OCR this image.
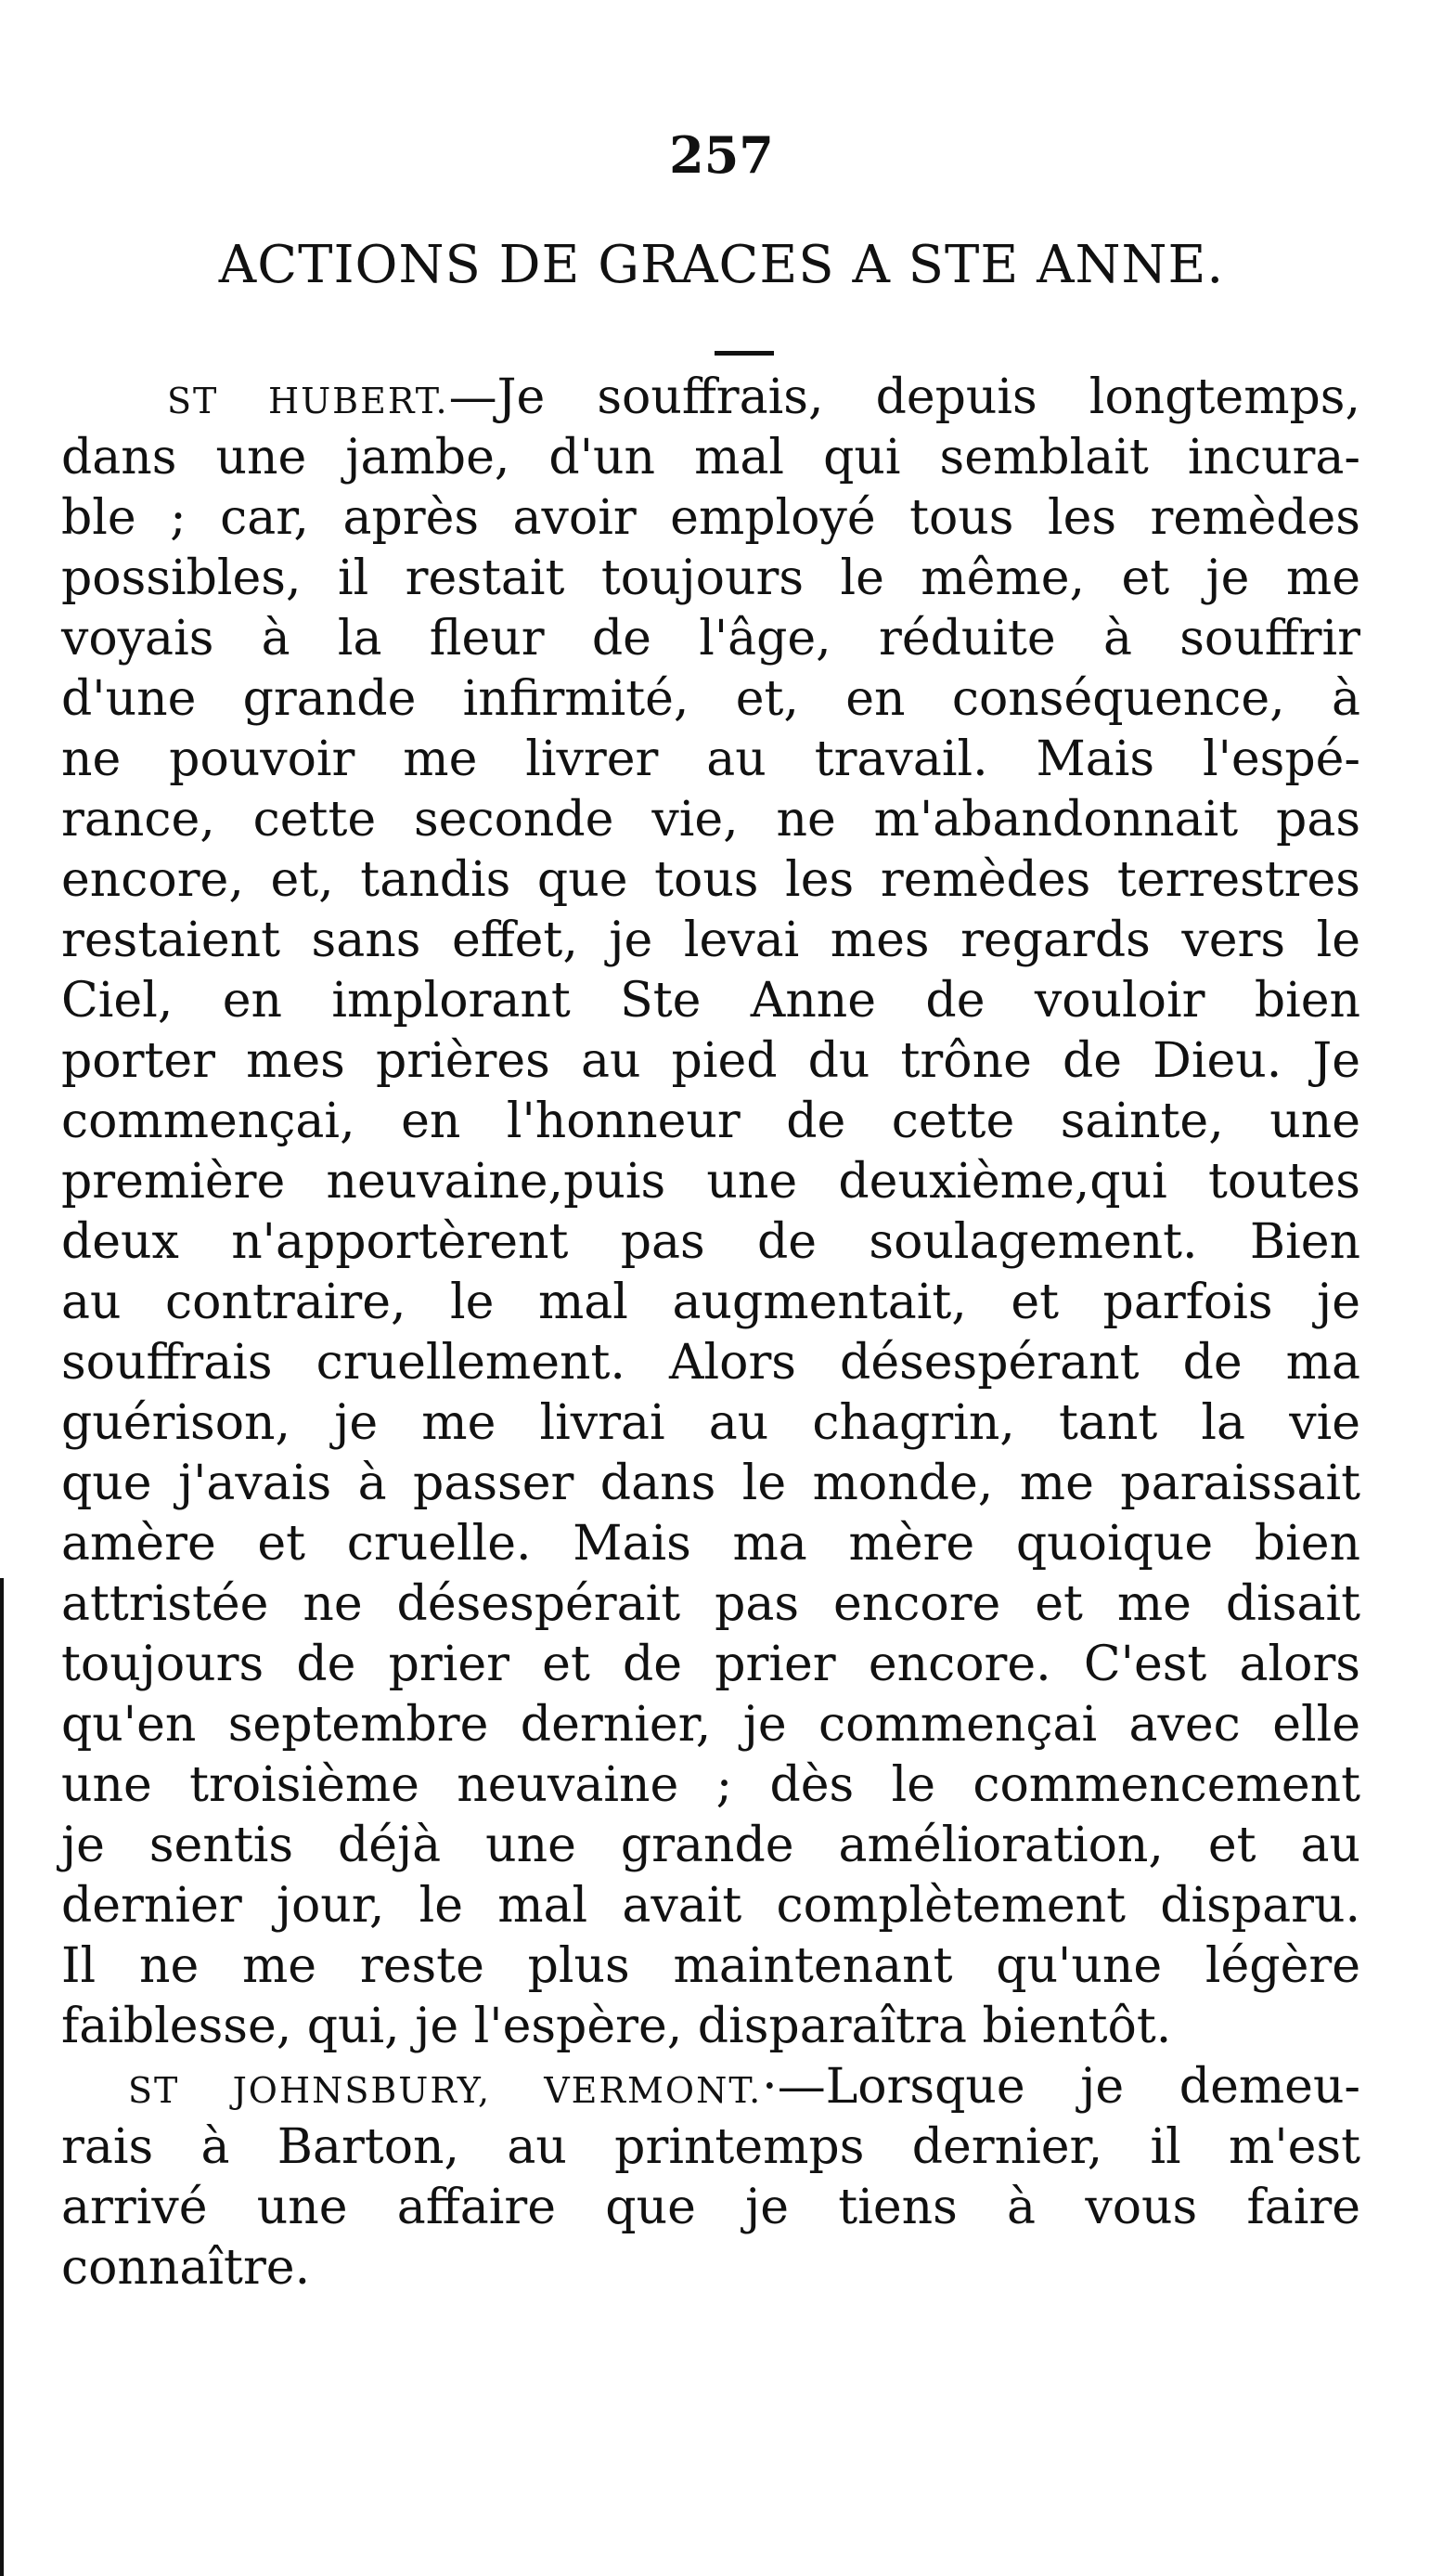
257
ACTIONS DE GRACES A STE ANNE.
ST HUBERT.—Je souffrais, depuis longtemps,
dans une jambe, d'un mal qui semblait incura-
ble ; car, après avoir employé tous les remèdes
possibles, il restait toujours le même, et je me
voyais à la fleur de l'âge, réduite à souffrir
d'une grande infirmité, et, en conséquence, à
ne pouvoir me livrer au travail. Mais l'espé-
rance, cette seconde vie, ne m'abandonnait pas
encore, et, tandis que tous les remèdes terrestres
restaient sans effet, je levai mes regards vers le
Ciel, en implorant Ste Anne de vouloir bien
porter mes prières au pied du trône de Dieu. Je
commençai, en l'honneur de cette sainte, une
première neuvaine,puis une deuxième,qui toutes
deux n'apportèrent pas de soulagement. Bien
au contraire, le mal augmentait, et parfois je
souffrais cruellement. Alors désespérant de ma
guérison, je me livrai au chagrin, tant la vie
que j'avais à passer dans le monde, me paraissait
amère et cruelle. Mais ma mère quoique bien
attristée ne désespérait pas encore et me disait
toujours de prier et de prier encore. C'est alors
qu'en septembre dernier, je commençai avec elle
une troisième neuvaine ; dès le commencement
je sentis déjà une grande amélioration, et au
dernier jour, le mal avait complètement disparu.
Il ne me reste plus maintenant qu'une légère
faiblesse, qui, je l'espère, disparaîtra bientôt.
ST JOHNSBURY, VERMONT.·—Lorsque je demeu-
rais à Barton, au printemps dernier, il m'est
arrivé une affaire que je tiens à vous faire
connaître.
